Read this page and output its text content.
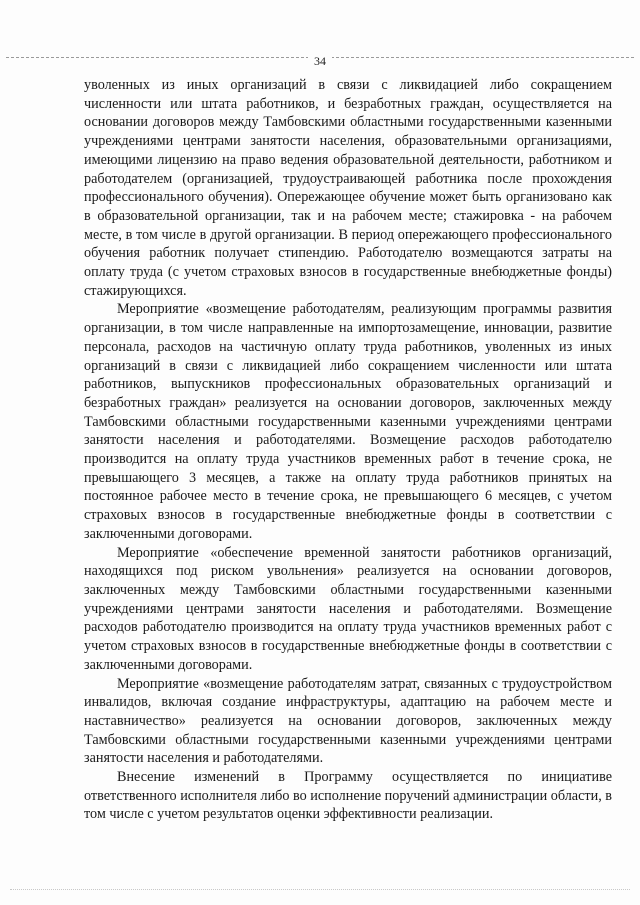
34

уволенных из иных организаций в связи с ликвидацией либо сокращением численности или штата работников, и безработных граждан, осуществляется на основании договоров между Тамбовскими областными государственными казенными учреждениями центрами занятости населения, образовательными организациями, имеющими лицензию на право ведения образовательной деятельности, работником и работодателем (организацией, трудоустраивающей работника после прохождения профессионального обучения). Опережающее обучение может быть организовано как в образовательной организации, так и на рабочем месте; стажировка - на рабочем месте, в том числе в другой организации. В период опережающего профессионального обучения работник получает стипендию. Работодателю возмещаются затраты на оплату труда (с учетом страховых взносов в государственные внебюджетные фонды) стажирующихся.

Мероприятие «возмещение работодателям, реализующим программы развития организации, в том числе направленные на импортозамещение, инновации, развитие персонала, расходов на частичную оплату труда работников, уволенных из иных организаций в связи с ликвидацией либо сокращением численности или штата работников, выпускников профессиональных образовательных организаций и безработных граждан» реализуется на основании договоров, заключенных между Тамбовскими областными государственными казенными учреждениями центрами занятости населения и работодателями. Возмещение расходов работодателю производится на оплату труда участников временных работ в течение срока, не превышающего 3 месяцев, а также на оплату труда работников принятых на постоянное рабочее место в течение срока, не превышающего 6 месяцев, с учетом страховых взносов в государственные внебюджетные фонды в соответствии с заключенными договорами.

Мероприятие «обеспечение временной занятости работников организаций, находящихся под риском увольнения» реализуется на основании договоров, заключенных между Тамбовскими областными государственными казенными учреждениями центрами занятости населения и работодателями. Возмещение расходов работодателю производится на оплату труда участников временных работ с учетом страховых взносов в государственные внебюджетные фонды в соответствии с заключенными договорами.

Мероприятие «возмещение работодателям затрат, связанных с трудоустройством инвалидов, включая создание инфраструктуры, адаптацию на рабочем месте и наставничество» реализуется на основании договоров, заключенных между Тамбовскими областными государственными казенными учреждениями центрами занятости населения и работодателями.

Внесение изменений в Программу осуществляется по инициативе ответственного исполнителя либо во исполнение поручений администрации области, в том числе с учетом результатов оценки эффективности реализации.
